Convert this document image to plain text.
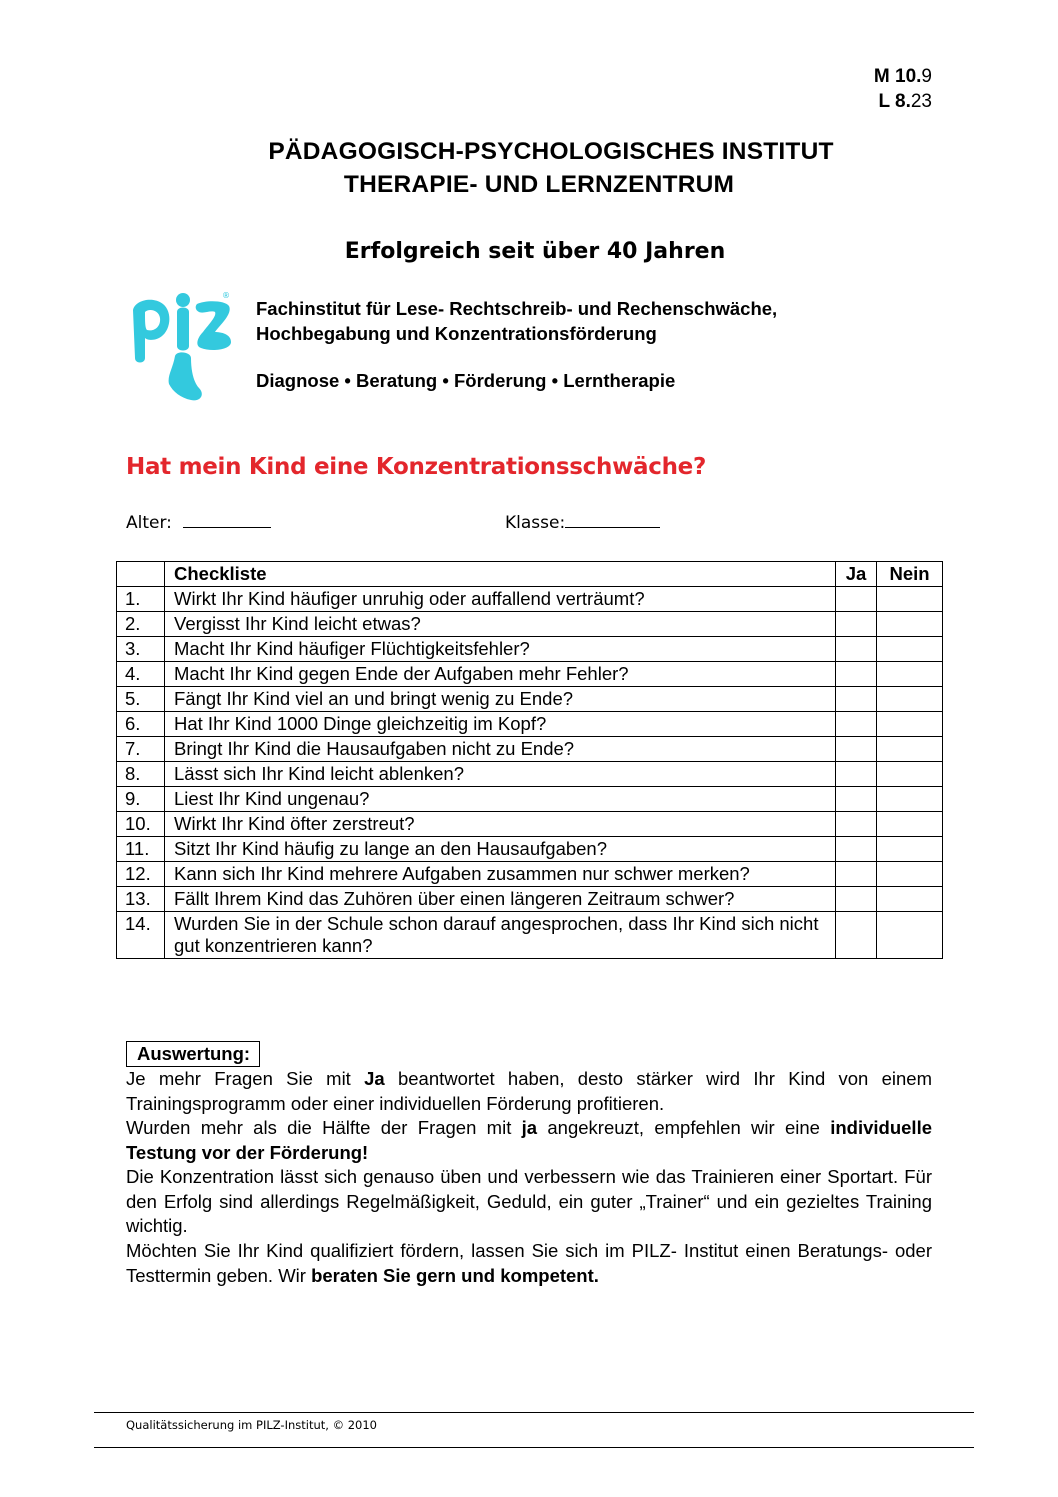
M 10.9
L 8.23
PÄDAGOGISCH-PSYCHOLOGISCHES INSTITUT
THERAPIE- UND LERNZENTRUM
Erfolgreich seit über 40 Jahren
®
Fachinstitut für Lese- Rechtschreib- und Rechenschwäche,
Hochbegabung und Konzentrationsförderung
Diagnose • Beratung • Förderung • Lerntherapie
Hat mein Kind eine Konzentrationsschwäche?
Alter:	Klasse:
	Checkliste	Ja	Nein
1.	Wirkt Ihr Kind häufiger unruhig oder auffallend verträumt?		
2.	Vergisst Ihr Kind leicht etwas?		
3.	Macht Ihr Kind häufiger Flüchtigkeitsfehler?		
4.	Macht Ihr Kind gegen Ende der Aufgaben mehr Fehler?		
5.	Fängt Ihr Kind viel an und bringt wenig zu Ende?		
6.	Hat Ihr Kind 1000 Dinge gleichzeitig im Kopf?		
7.	Bringt Ihr Kind die Hausaufgaben nicht zu Ende?		
8.	Lässt sich Ihr Kind leicht ablenken?		
9.	Liest Ihr Kind ungenau?		
10.	Wirkt Ihr Kind öfter zerstreut?		
11.	Sitzt Ihr Kind häufig zu lange an den Hausaufgaben?		
12.	Kann sich Ihr Kind mehrere Aufgaben zusammen nur schwer merken?		
13.	Fällt Ihrem Kind das Zuhören über einen längeren Zeitraum schwer?		
14.	Wurden Sie in der Schule schon darauf angesprochen, dass Ihr Kind sich nicht gut konzentrieren kann?		
Auswertung:
Je mehr Fragen Sie mit Ja beantwortet haben, desto stärker wird Ihr Kind von einem Trainingsprogramm oder einer individuellen Förderung profitieren.
Wurden mehr als die Hälfte der Fragen mit ja angekreuzt, empfehlen wir eine individuelle Testung vor der Förderung!
Die Konzentration lässt sich genauso üben und verbessern wie das Trainieren einer Sportart. Für den Erfolg sind allerdings Regelmäßigkeit, Geduld, ein guter „Trainer“ und ein gezieltes Training wichtig.
Möchten Sie Ihr Kind qualifiziert fördern, lassen Sie sich im PILZ- Institut einen Beratungs- oder Testtermin geben. Wir beraten Sie gern und kompetent.
Qualitätssicherung im PILZ-Institut, © 2010
